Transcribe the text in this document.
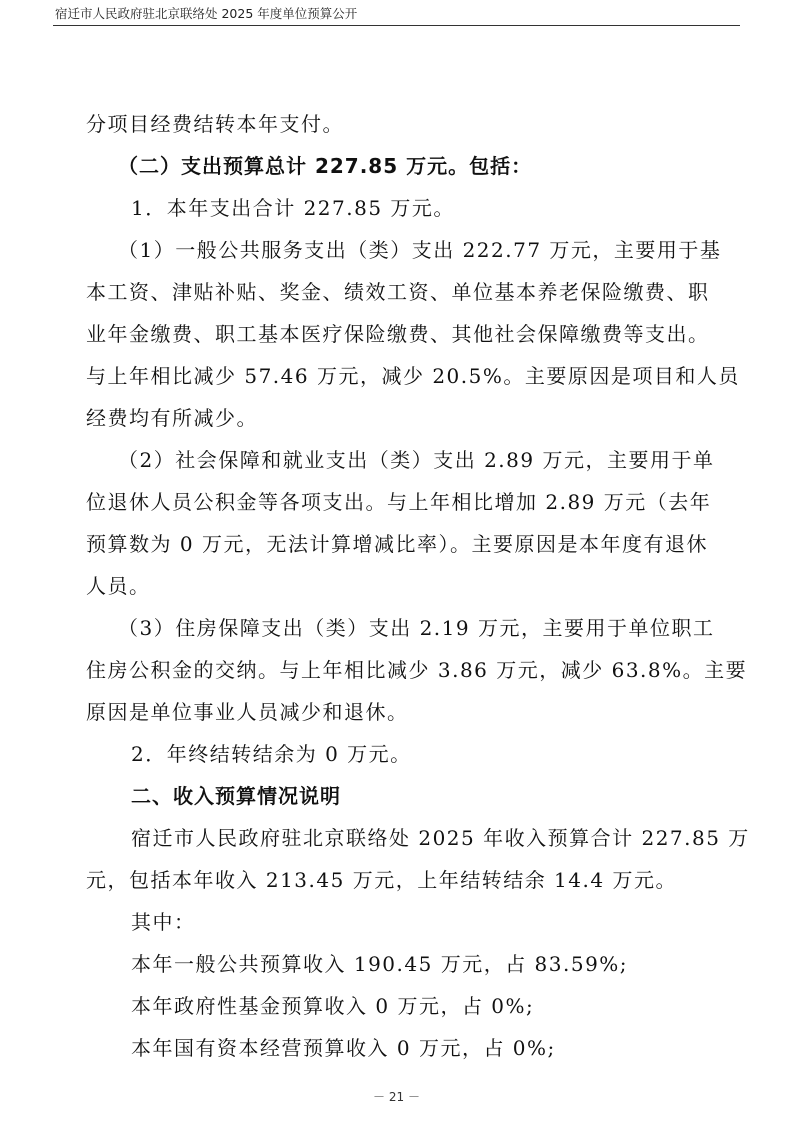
宿迁市人民政府驻北京联络处 2025 年度单位预算公开
分项目经费结转本年支付。
（二）支出预算总计 227.85 万元。包括：
1．本年支出合计 227.85 万元。
（1）一般公共服务支出（类）支出 222.77 万元，主要用于基
本工资、津贴补贴、奖金、绩效工资、单位基本养老保险缴费、职
业年金缴费、职工基本医疗保险缴费、其他社会保障缴费等支出。
与上年相比减少 57.46 万元，减少 20.5%。主要原因是项目和人员
经费均有所减少。
（2）社会保障和就业支出（类）支出 2.89 万元，主要用于单
位退休人员公积金等各项支出。与上年相比增加 2.89 万元（去年
预算数为 0 万元，无法计算增减比率）。主要原因是本年度有退休
人员。
（3）住房保障支出（类）支出 2.19 万元，主要用于单位职工
住房公积金的交纳。与上年相比减少 3.86 万元，减少 63.8%。主要
原因是单位事业人员减少和退休。
2．年终结转结余为 0 万元。
二、收入预算情况说明
宿迁市人民政府驻北京联络处 2025 年收入预算合计 227.85 万
元，包括本年收入 213.45 万元，上年结转结余 14.4 万元。
其中：
本年一般公共预算收入 190.45 万元，占 83.59%;
本年政府性基金预算收入 0 万元，占 0%;
本年国有资本经营预算收入 0 万元，占 0%;
－ 21 －
